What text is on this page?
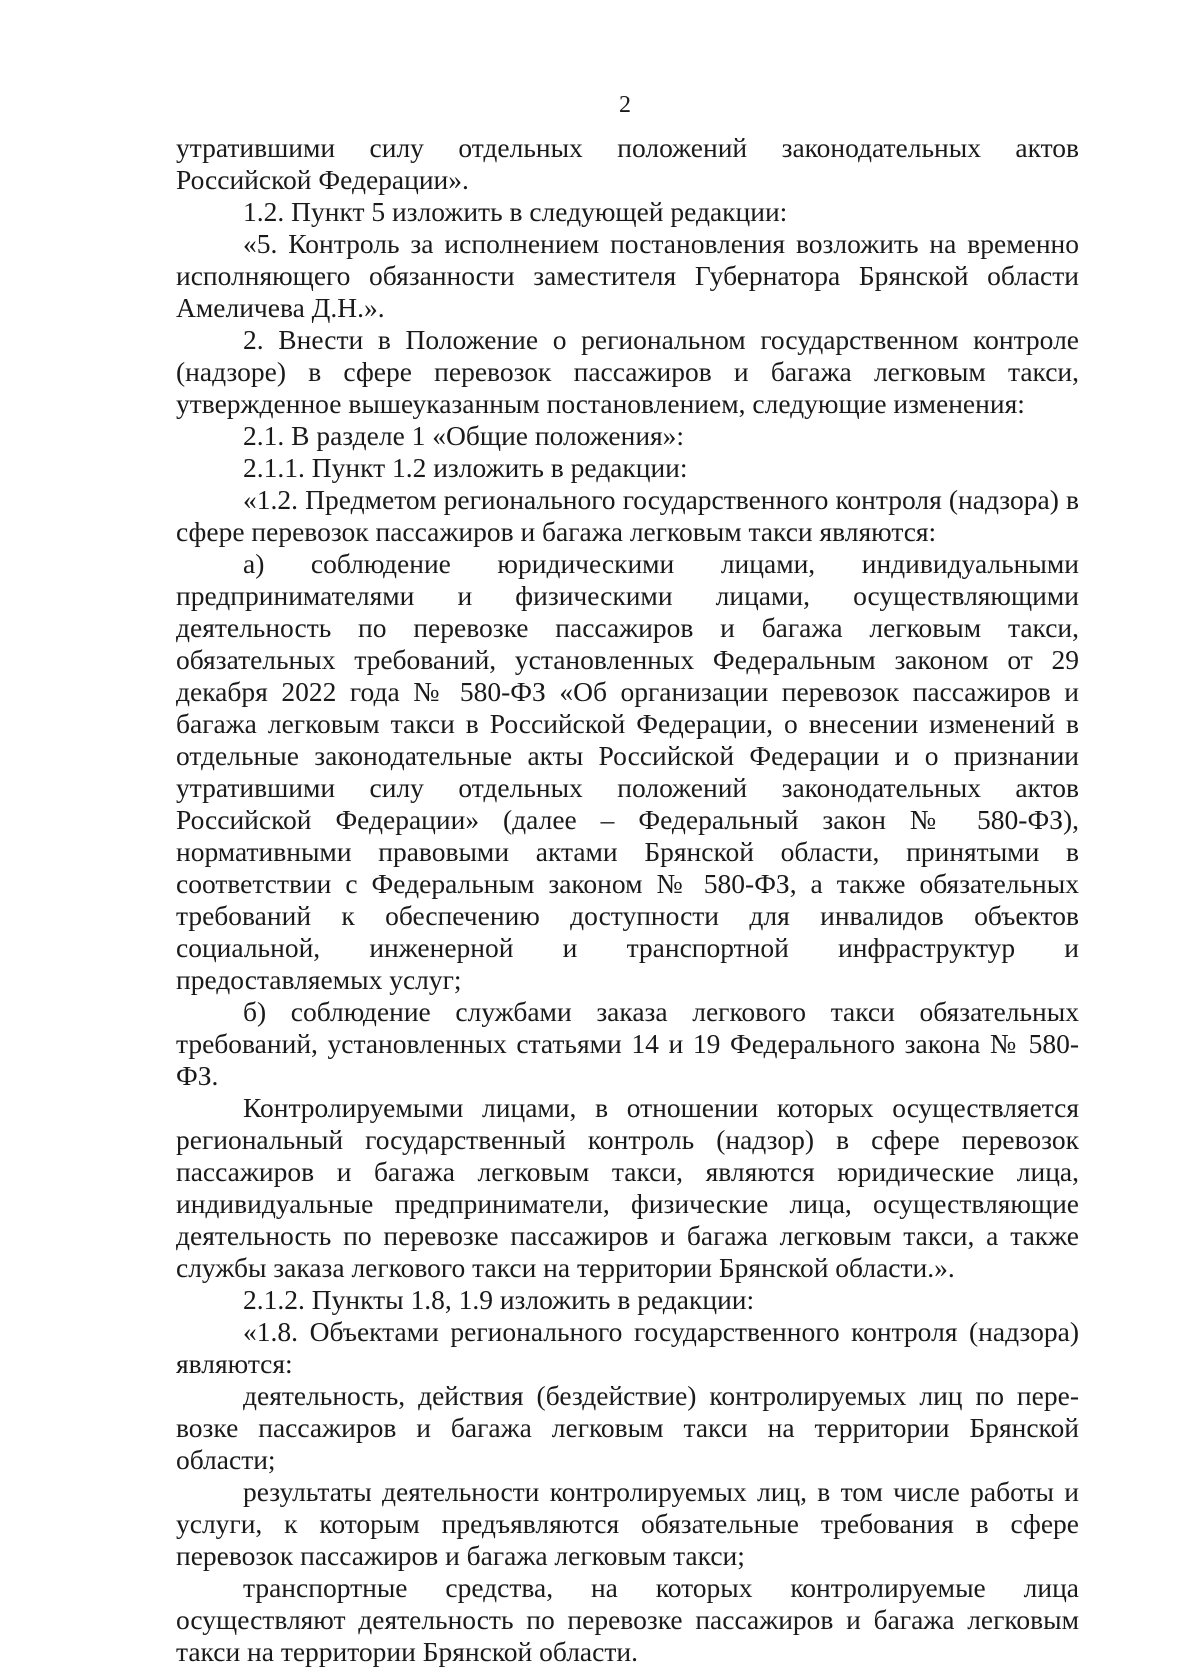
2

утратившими силу отдельных положений законодательных актов Российской Федерации».

1.2. Пункт 5 изложить в следующей редакции:

«5. Контроль за исполнением постановления возложить на временно исполняющего обязанности заместителя Губернатора Брянской области Амеличева Д.Н.».

2. Внести в Положение о региональном государственном контроле (надзоре) в сфере перевозок пассажиров и багажа легковым такси, утвержденное вышеуказанным постановлением, следующие изменения:

2.1. В разделе 1 «Общие положения»:

2.1.1. Пункт 1.2 изложить в редакции:

«1.2. Предметом регионального государственного контроля (надзора) в сфере перевозок пассажиров и багажа легковым такси являются:

а) соблюдение юридическими лицами, индивидуальными предпринимателями и физическими лицами, осуществляющими деятельность по перевозке пассажиров и багажа легковым такси, обязательных требований, установленных Федеральным законом от 29 декабря 2022 года № 580-ФЗ «Об организации перевозок пассажиров и багажа легковым такси в Российской Федерации, о внесении изменений в отдельные законодательные акты Российской Федерации и о признании утратившими силу отдельных положений законодательных актов Российской Федерации» (далее – Федеральный закон № 580-ФЗ), нормативными правовыми актами Брянской области, принятыми в соответствии с Федеральным законом № 580-ФЗ, а также обязательных требований к обеспечению доступности для инвалидов объектов социальной, инженерной и транспортной инфраструктур и предоставляемых услуг;

б) соблюдение службами заказа легкового такси обязательных требований, установленных статьями 14 и 19 Федерального закона № 580-ФЗ.

Контролируемыми лицами, в отношении которых осуществляется региональный государственный контроль (надзор) в сфере перевозок пассажиров и багажа легковым такси, являются юридические лица, индивидуальные предприниматели, физические лица, осуществляющие деятельность по перевозке пассажиров и багажа легковым такси, а также службы заказа легкового такси на территории Брянской области.».

2.1.2. Пункты 1.8, 1.9 изложить в редакции:

«1.8. Объектами регионального государственного контроля (надзора) являются:

деятельность, действия (бездействие) контролируемых лиц по перевозке пассажиров и багажа легковым такси на территории Брянской области;

результаты деятельности контролируемых лиц, в том числе работы и услуги, к которым предъявляются обязательные требования в сфере перевозок пассажиров и багажа легковым такси;

транспортные средства, на которых контролируемые лица осуществляют деятельность по перевозке пассажиров и багажа легковым такси на территории Брянской области.
